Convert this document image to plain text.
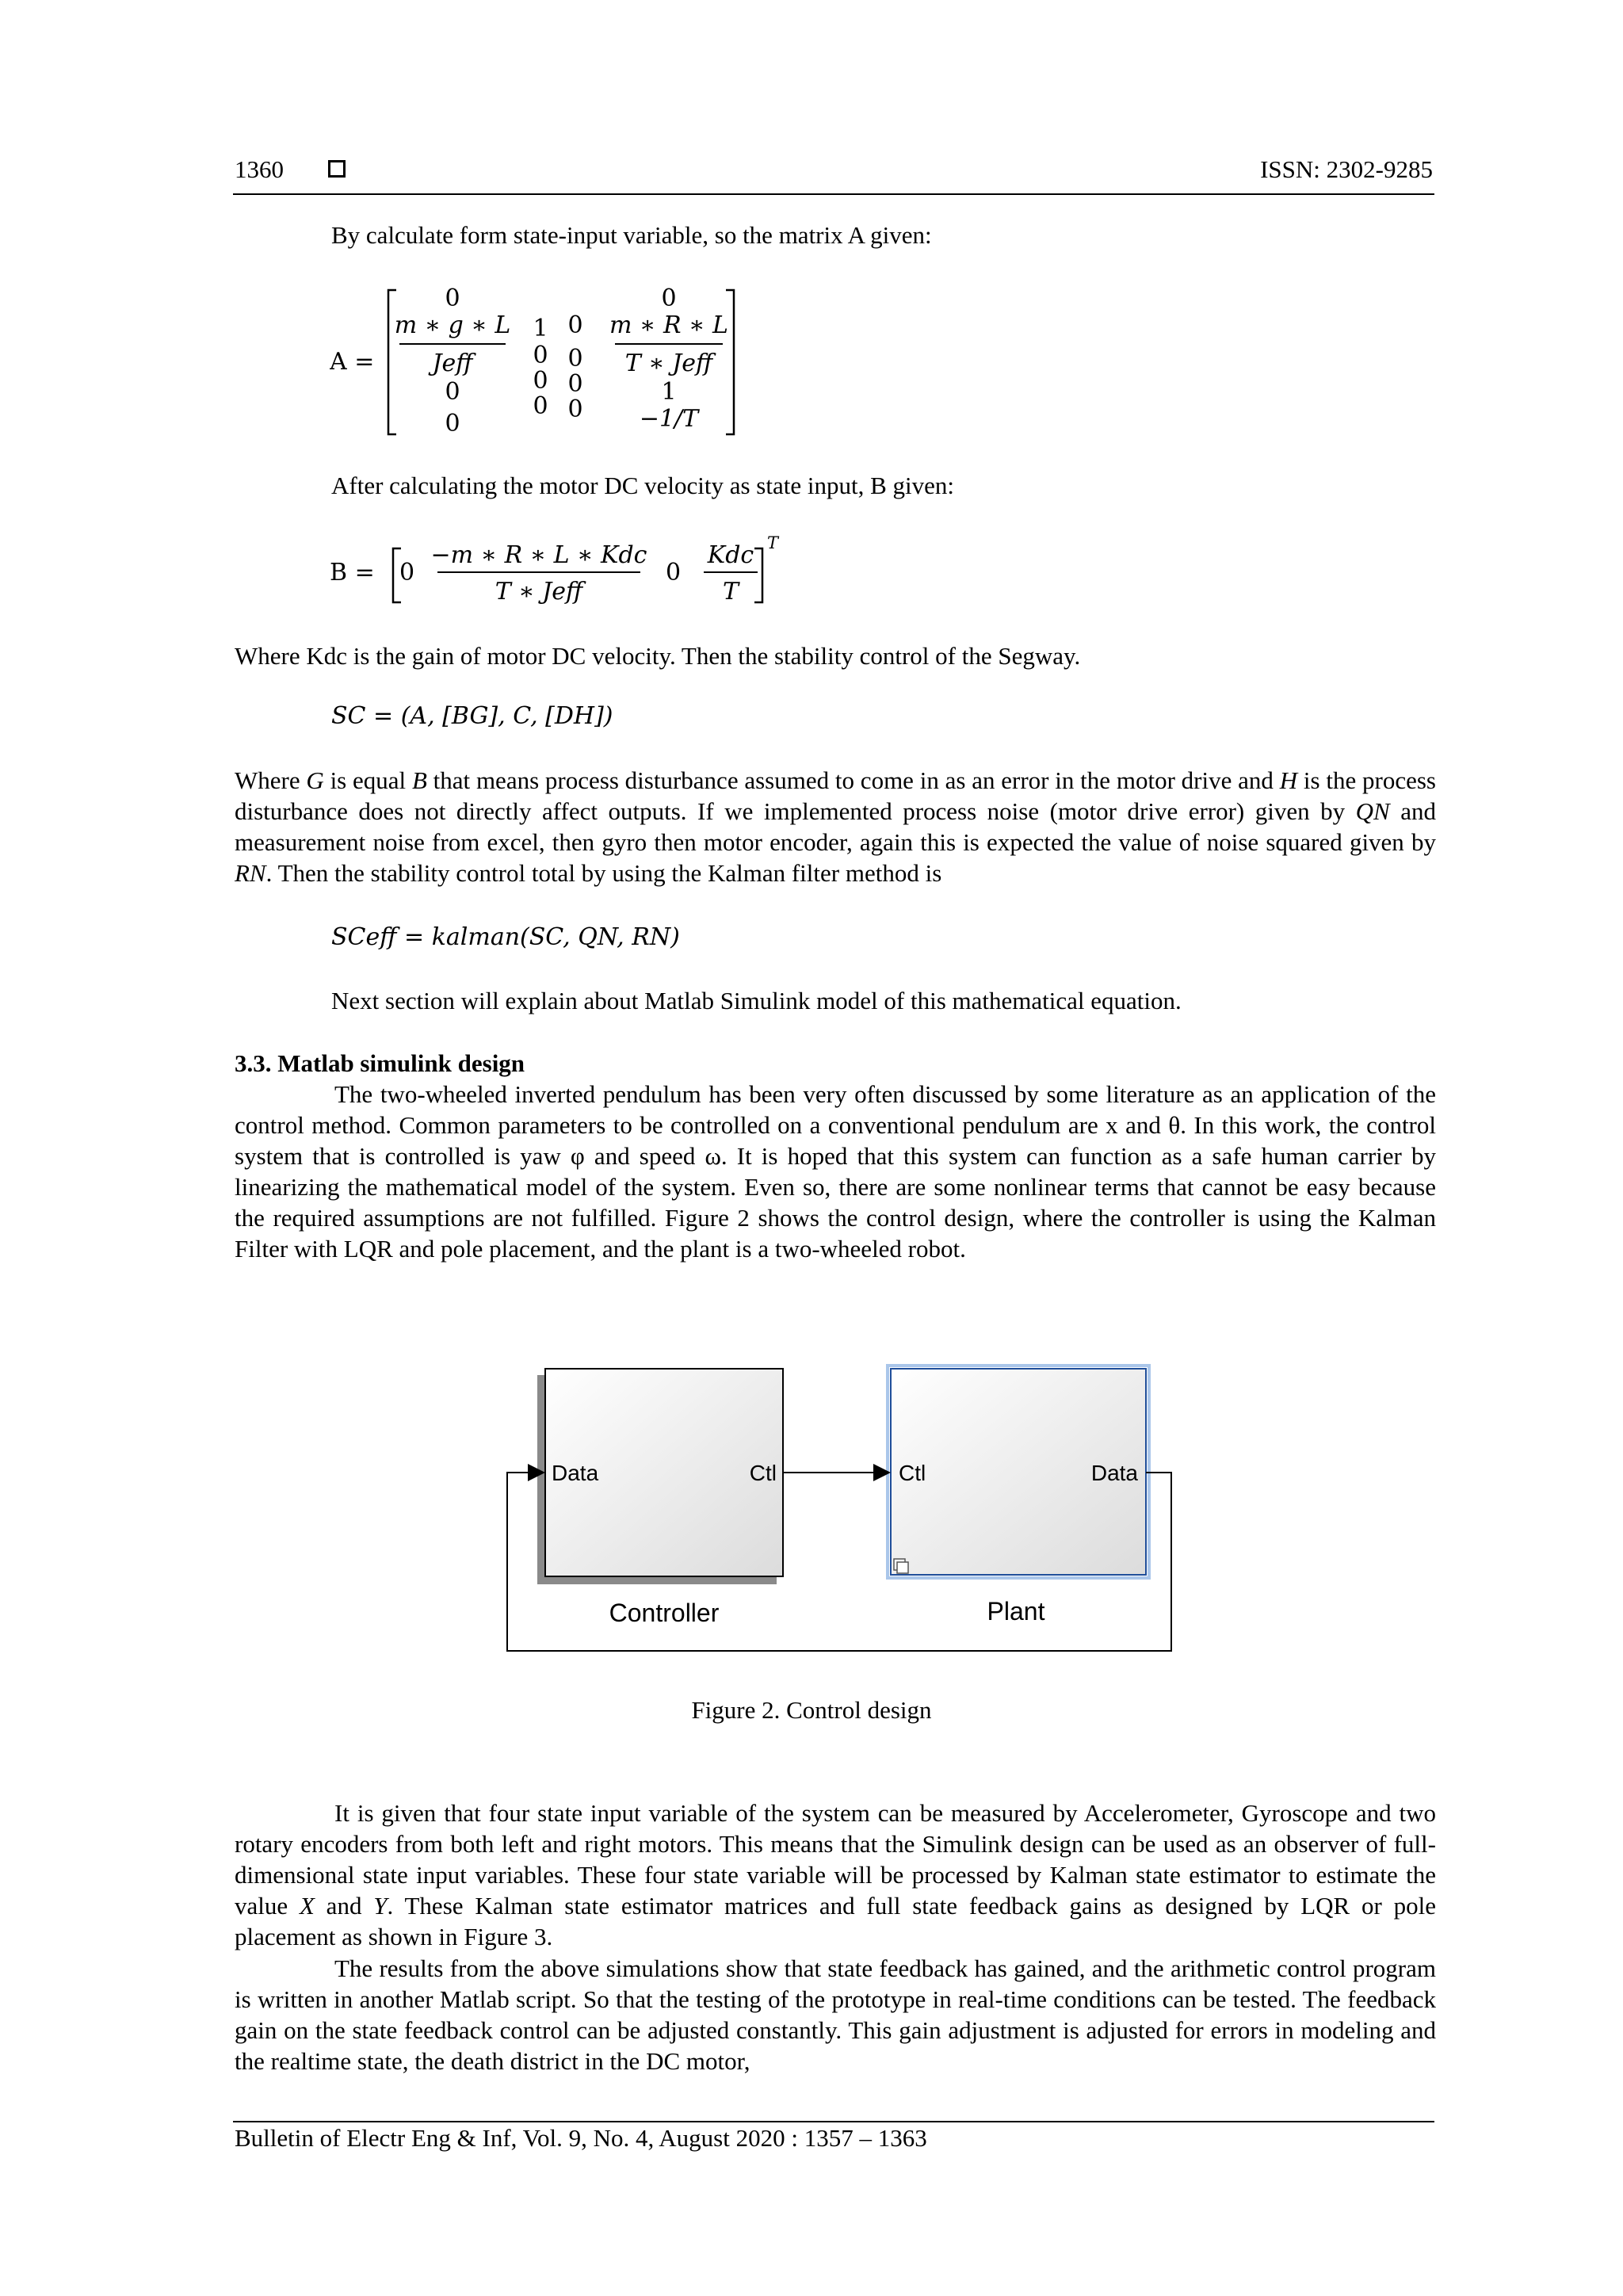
1360	ISSN: 2302-9285
By calculate form state-input variable, so the matrix A given:
A =
0
m ∗ g ∗ L
Jeff
0
0
1
0
0
0
0
0
0
0
0
m ∗ R ∗ L
T ∗ Jeff
1
−1/T
After calculating the motor DC velocity as state input, B given:
B = 0
−m ∗ R ∗ L ∗ Kdc
T ∗ Jeff
0
Kdc
T
T
Where Kdc is the gain of motor DC velocity. Then the stability control of the Segway.
SC = (A, [BG], C, [DH])
Where G is equal B that means process disturbance assumed to come in as an error in the motor drive and H is the process disturbance does not directly affect outputs. If we implemented process noise (motor drive error) given by QN and measurement noise from excel, then gyro then motor encoder, again this is expected the value of noise squared given by RN. Then the stability control total by using the Kalman filter method is
SCeff = kalman(SC, QN, RN)
Next section will explain about Matlab Simulink model of this mathematical equation.
3.3. Matlab simulink design
The two-wheeled inverted pendulum has been very often discussed by some literature as an application of the control method. Common parameters to be controlled on a conventional pendulum are x and θ. In this work, the control system that is controlled is yaw φ and speed ω. It is hoped that this system can function as a safe human carrier by linearizing the mathematical model of the system. Even so, there are some nonlinear terms that cannot be easy because the required assumptions are not fulfilled. Figure 2 shows the control design, where the controller is using the Kalman Filter with LQR and pole placement, and the plant is a two-wheeled robot.
Data	Ctl
Controller
Ctl	Data
Plant
Figure 2. Control design
It is given that four state input variable of the system can be measured by Accelerometer, Gyroscope and two rotary encoders from both left and right motors. This means that the Simulink design can be used as an observer of full-dimensional state input variables. These four state variable will be processed by Kalman state estimator to estimate the value X and Y. These Kalman state estimator matrices and full state feedback gains as designed by LQR or pole placement as shown in Figure 3.
The results from the above simulations show that state feedback has gained, and the arithmetic control program is written in another Matlab script. So that the testing of the prototype in real-time conditions can be tested. The feedback gain on the state feedback control can be adjusted constantly. This gain adjustment is adjusted for errors in modeling and the realtime state, the death district in the DC motor,
Bulletin of Electr Eng & Inf, Vol. 9, No. 4, August 2020 : 1357 – 1363
